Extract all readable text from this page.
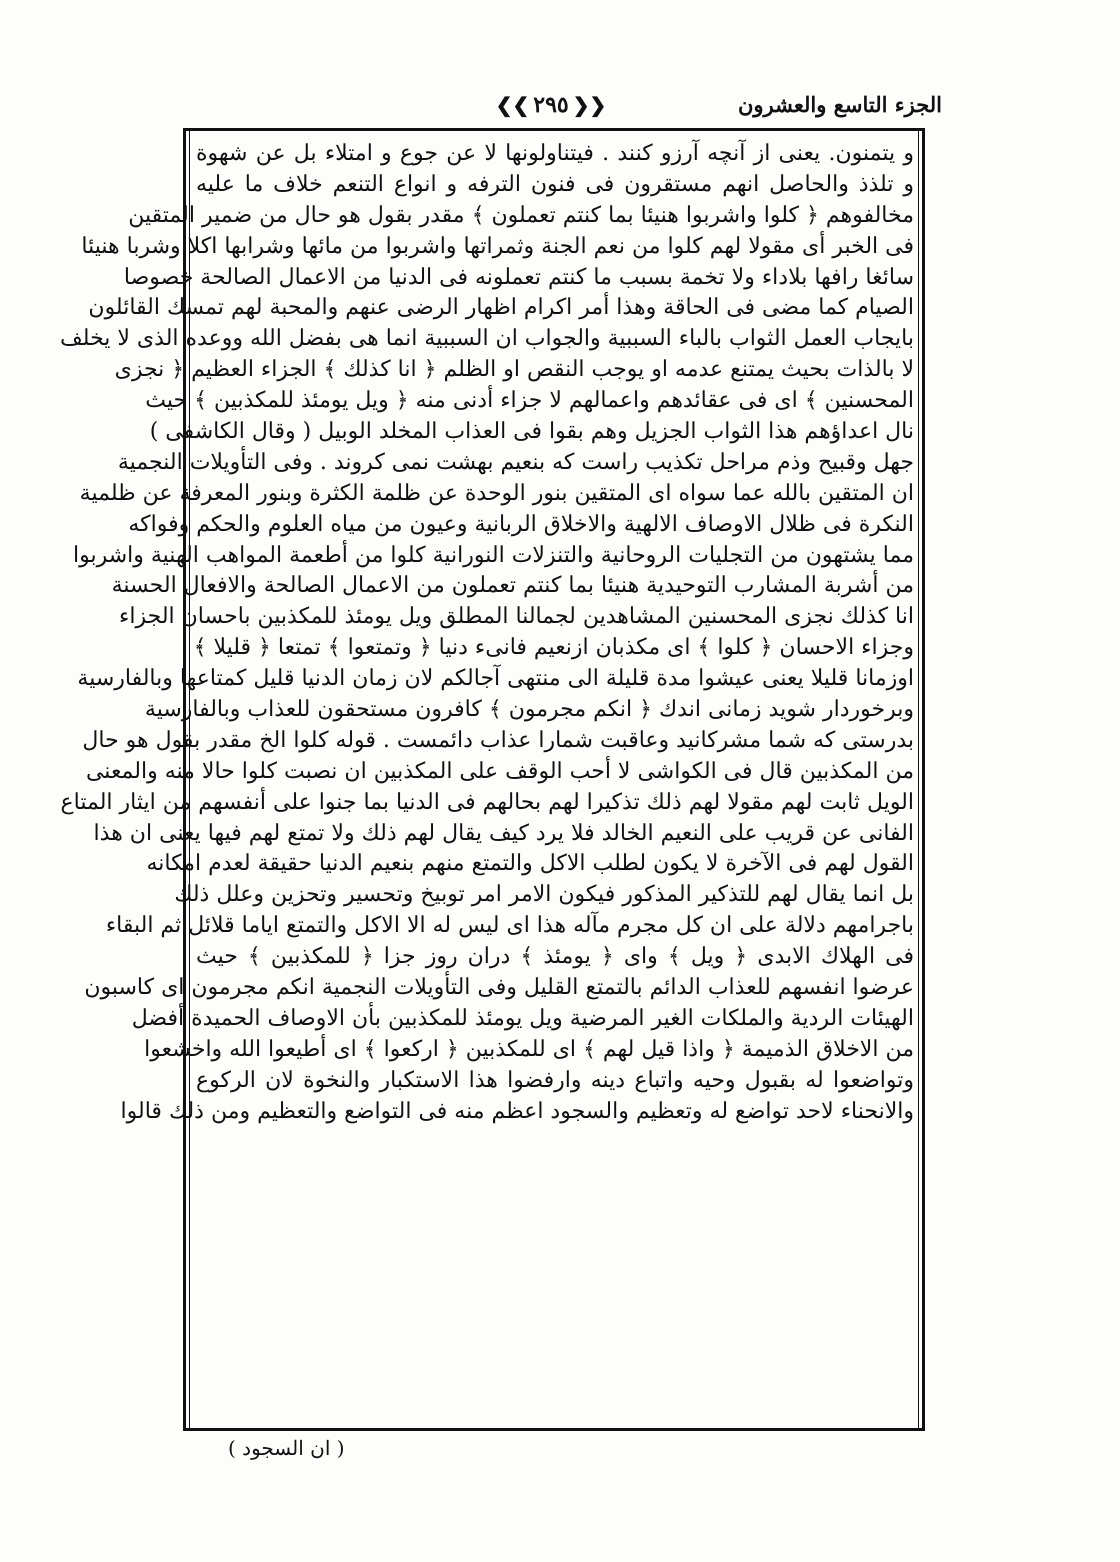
الجزء التاسع والعشرون
❮❮
٢٩٥
❯❯
و يتمنون. يعنى از آنچه آرزو كنند . فيتناولونها لا عن جوع و امتلاء بل عن شهوة
و تلذذ والحاصل انهم مستقرون فى فنون الترفه و انواع التنعم خلاف ما عليه
مخالفوهم ﴿ كلوا واشربوا هنيئا بما كنتم تعملون ﴾ مقدر بقول هو حال من ضمير المتقين
فى الخبر أى مقولا لهم كلوا من نعم الجنة وثمراتها واشربوا من مائها وشرابها اكلا وشربا هنيئا
سائغا رافها بلاداء ولا تخمة بسبب ما كنتم تعملونه فى الدنيا من الاعمال الصالحة خصوصا
الصيام كما مضى فى الحاقة وهذا أمر اكرام اظهار الرضى عنهم والمحبة لهم تمسك القائلون
بايجاب العمل الثواب بالباء السببية والجواب ان السببية انما هى بفضل الله ووعده الذى لا يخلف
لا بالذات بحيث يمتنع عدمه او يوجب النقص او الظلم ﴿ انا كذلك ﴾ الجزاء العظيم ﴿ نجزى
المحسنين ﴾ اى فى عقائدهم واعمالهم لا جزاء أدنى منه ﴿ ويل يومئذ للمكذبين ﴾ حيث
نال اعداؤهم هذا الثواب الجزيل وهم بقوا فى العذاب المخلد الوبيل ( وقال الكاشفى )
جهل وقبيح وذم مراحل تكذيب راست كه بنعيم بهشت نمى كروند . وفى التأويلات النجمية
ان المتقين بالله عما سواه اى المتقين بنور الوحدة عن ظلمة الكثرة وبنور المعرفة عن ظلمية
النكرة فى ظلال الاوصاف الالهية والاخلاق الربانية وعيون من مياه العلوم والحكم وفواكه
مما يشتهون من التجليات الروحانية والتنزلات النورانية كلوا من أطعمة المواهب الهنية واشربوا
من أشربة المشارب التوحيدية هنيئا بما كنتم تعملون من الاعمال الصالحة والافعال الحسنة
انا كذلك نجزى المحسنين المشاهدين لجمالنا المطلق ويل يومئذ للمكذبين باحسان الجزاء
وجزاء الاحسان ﴿ كلوا ﴾ اى مكذبان ازنعيم فانىء دنيا ﴿ وتمتعوا ﴾ تمتعا ﴿ قليلا ﴾
اوزمانا قليلا يعنى عيشوا مدة قليلة الى منتهى آجالكم لان زمان الدنيا قليل كمتاعها وبالفارسية
وبرخوردار شويد زمانى اندك ﴿ انكم مجرمون ﴾ كافرون مستحقون للعذاب وبالفارسية
بدرستى كه شما مشركانيد وعاقبت شمارا عذاب دائمست . قوله كلوا الخ مقدر بقول هو حال
من المكذبين قال فى الكواشى لا أحب الوقف على المكذبين ان نصبت كلوا حالا منه والمعنى
الويل ثابت لهم مقولا لهم ذلك تذكيرا لهم بحالهم فى الدنيا بما جنوا على أنفسهم من ايثار المتاع
الفانى عن قريب على النعيم الخالد فلا يرد كيف يقال لهم ذلك ولا تمتع لهم فيها يعنى ان هذا
القول لهم فى الآخرة لا يكون لطلب الاكل والتمتع منهم بنعيم الدنيا حقيقة لعدم امكانه
بل انما يقال لهم للتذكير المذكور فيكون الامر امر توبيخ وتحسير وتحزين وعلل ذلك
باجرامهم دلالة على ان كل مجرم مآله هذا اى ليس له الا الاكل والتمتع اياما قلائل ثم البقاء
فى الهلاك الابدى ﴿ ويل ﴾ واى ﴿ يومئذ ﴾ دران روز جزا ﴿ للمكذبين ﴾ حيث
عرضوا انفسهم للعذاب الدائم بالتمتع القليل وفى التأويلات النجمية انكم مجرمون اى كاسبون
الهيئات الردية والملكات الغير المرضية ويل يومئذ للمكذبين بأن الاوصاف الحميدة أفضل
من الاخلاق الذميمة ﴿ واذا قيل لهم ﴾ اى للمكذبين ﴿ اركعوا ﴾ اى أطيعوا الله واخشعوا
وتواضعوا له بقبول وحيه واتباع دينه وارفضوا هذا الاستكبار والنخوة لان الركوع
والانحناء لاحد تواضع له وتعظيم والسجود اعظم منه فى التواضع والتعظيم ومن ذلك قالوا
( ان السجود )
